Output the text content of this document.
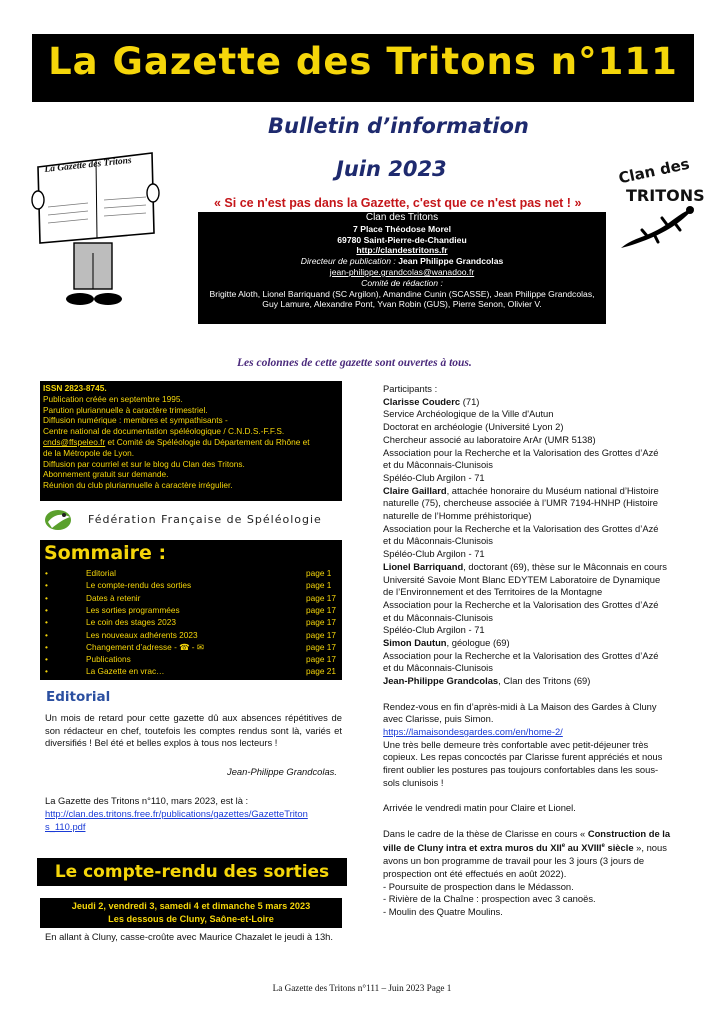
La Gazette des Tritons n°111
Bulletin d’information
Juin 2023
« Si ce n'est pas dans la Gazette, c'est que ce n'est pas net ! »
La Gazette des Tritons	Clan des
TRITONS
Clan des Tritons
7 Place Théodose Morel
69780 Saint-Pierre-de-Chandieu
http://clandestritons.fr
Directeur de publication : Jean Philippe Grandcolas
jean-philippe.grandcolas@wanadoo.fr
Comité de rédaction :
Brigitte Aloth, Lionel Barriquand (SC Argilon), Amandine Cunin (SCASSE), Jean Philippe Grandcolas,
Guy Lamure, Alexandre Pont, Yvan Robin (GUS), Pierre Senon, Olivier V.
Les colonnes de cette gazette sont ouvertes à tous.
ISSN 2823-8745.
Publication créée en septembre 1995.
Parution pluriannuelle à caractère trimestriel.
Diffusion numérique : membres et sympathisants -
Centre national de documentation spéléologique / C.N.D.S.-F.F.S.
cnds@ffspeleo.fr et Comité de Spéléologie du Département du Rhône et
de la Métropole de Lyon.
Diffusion par courriel et sur le blog du Clan des Tritons.
Abonnement gratuit sur demande.
Réunion du club pluriannuelle à caractère irrégulier.
Fédération Française de Spéléologie
Sommaire :
•	Editorial	page 1
•	Le compte-rendu des sorties	page 1
•	Dates à retenir	page 17
•	Les sorties programmées	page 17
•	Le coin des stages 2023	page 17
•	Les nouveaux adhérents 2023	page 17
•	Changement d’adresse - ☎ - ✉	page 17
•	Publications	page 17
•	La Gazette en vrac…	page 21
Editorial
Un mois de retard pour cette gazette dû aux absences répétitives de son rédacteur en chef, toutefois les comptes rendus sont là, variés et diversifiés ! Bel été et belles explos à tous nos lecteurs !
Jean-Philippe Grandcolas.
La Gazette des Tritons n°110, mars 2023, est là :
http://clan.des.tritons.free.fr/publications/gazettes/GazetteTriton
s_110.pdf
Le compte-rendu des sorties
Jeudi 2, vendredi 3, samedi 4 et dimanche 5 mars 2023
Les dessous de Cluny, Saône-et-Loire
En allant à Cluny, casse-croûte avec Maurice Chazalet le jeudi à 13h.
Participants :
Clarisse Couderc (71)
Service Archéologique de la Ville d'Autun
Doctorat en archéologie (Université Lyon 2)
Chercheur associé au laboratoire ArAr (UMR 5138)
Association pour la Recherche et la Valorisation des Grottes d’Azé
et du Mâconnais-Clunisois
Spéléo-Club Argilon - 71
Claire Gaillard, attachée honoraire du Muséum national d’Histoire
naturelle (75), chercheuse associée à l’UMR 7194-HNHP (Histoire
naturelle de l’Homme préhistorique)
Association pour la Recherche et la Valorisation des Grottes d’Azé
et du Mâconnais-Clunisois
Spéléo-Club Argilon - 71
Lionel Barriquand, doctorant (69), thèse sur le Mâconnais en cours
Université Savoie Mont Blanc EDYTEM Laboratoire de Dynamique
de l’Environnement et des Territoires de la Montagne
Association pour la Recherche et la Valorisation des Grottes d’Azé
et du Mâconnais-Clunisois
Spéléo-Club Argilon - 71
Simon Dautun, géologue (69)
Association pour la Recherche et la Valorisation des Grottes d’Azé
et du Mâconnais-Clunisois
Jean-Philippe Grandcolas, Clan des Tritons (69)
Rendez-vous en fin d’après-midi à La Maison des Gardes à Cluny
avec Clarisse, puis Simon.
https://lamaisondesgardes.com/en/home-2/
Une très belle demeure très confortable avec petit-déjeuner très
copieux. Les repas concoctés par Clarisse furent appréciés et nous
firent oublier les postures pas toujours confortables dans les sous-
sols clunisois !
Arrivée le vendredi matin pour Claire et Lionel.
Dans le cadre de la thèse de Clarisse en cours « Construction de la
ville de Cluny intra et extra muros du XIIe au XVIIIe siècle », nous
avons un bon programme de travail pour les 3 jours (3 jours de
prospection ont été effectués en août 2022).
- Poursuite de prospection dans le Médasson.
- Rivière de la Chaîne : prospection avec 3 canoës.
- Moulin des Quatre Moulins.
La Gazette des Tritons n°111 – Juin 2023 Page 1
